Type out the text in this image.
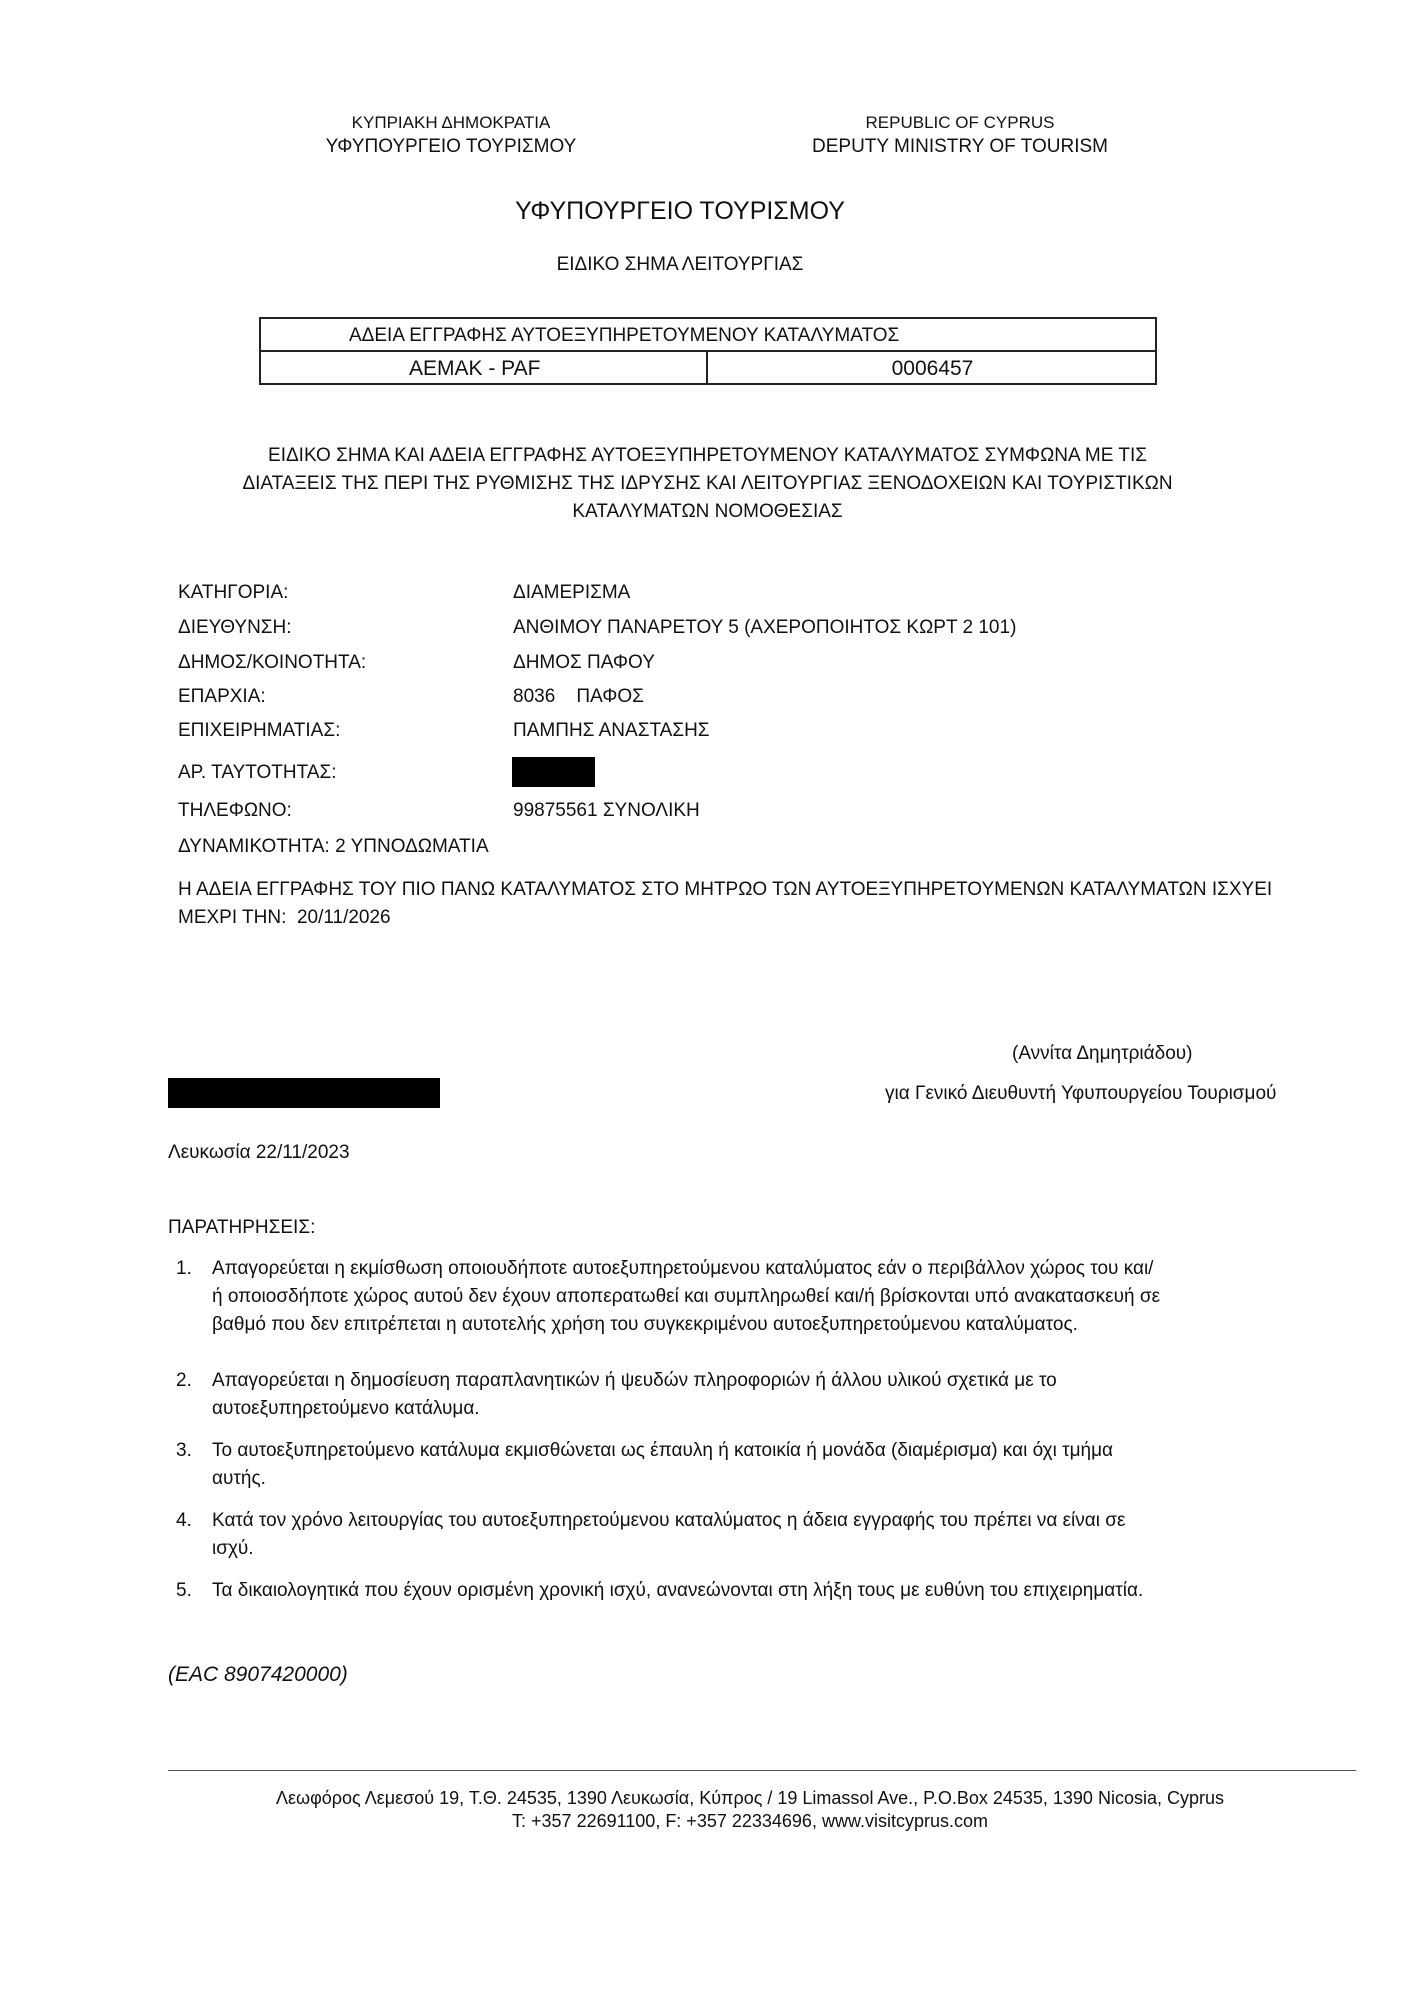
ΚΥΠΡΙΑΚΗ ΔΗΜΟΚΡΑΤΙΑ
ΥΦΥΠΟΥΡΓΕΙΟ ΤΟΥΡΙΣΜΟΥ
REPUBLIC OF CYPRUS
DEPUTY MINISTRY OF TOURISM
ΥΦΥΠΟΥΡΓΕΙΟ ΤΟΥΡΙΣΜΟΥ
ΕΙΔΙΚΟ ΣΗΜΑ ΛΕΙΤΟΥΡΓΙΑΣ
ΑΔΕΙΑ ΕΓΓΡΑΦΗΣ ΑΥΤΟΕΞΥΠΗΡΕΤΟΥΜΕΝΟΥ ΚΑΤΑΛΥΜΑΤΟΣ
AEMAK - PAF	0006457
ΕΙΔΙΚΟ ΣΗΜΑ ΚΑΙ ΑΔΕΙΑ ΕΓΓΡΑΦΗΣ ΑΥΤΟΕΞΥΠΗΡΕΤΟΥΜΕΝΟΥ ΚΑΤΑΛΥΜΑΤΟΣ ΣΥΜΦΩΝΑ ΜΕ ΤΙΣ
ΔΙΑΤΑΞΕΙΣ ΤΗΣ ΠΕΡΙ ΤΗΣ ΡΥΘΜΙΣΗΣ ΤΗΣ ΙΔΡΥΣΗΣ ΚΑΙ ΛΕΙΤΟΥΡΓΙΑΣ ΞΕΝΟΔΟΧΕΙΩΝ ΚΑΙ ΤΟΥΡΙΣΤΙΚΩΝ
ΚΑΤΑΛΥΜΑΤΩΝ ΝΟΜΟΘΕΣΙΑΣ
ΚΑΤΗΓΟΡΙΑ:	ΔΙΑΜΕΡΙΣΜΑ
ΔΙΕΥΘΥΝΣΗ:	ΑΝΘΙΜΟΥ ΠΑΝΑΡΕΤΟΥ 5 (ΑΧΕΡΟΠΟΙΗΤΟΣ ΚΩΡΤ 2 101)
ΔΗΜΟΣ/ΚΟΙΝΟΤΗΤΑ:	ΔΗΜΟΣ ΠΑΦΟΥ
ΕΠΑΡΧΙΑ:	8036    ΠΑΦΟΣ
ΕΠΙΧΕΙΡΗΜΑΤΙΑΣ:	ΠΑΜΠΗΣ ΑΝΑΣΤΑΣΗΣ
ΑΡ. ΤΑΥΤΟΤΗΤΑΣ:
ΤΗΛΕΦΩΝΟ:	99875561 ΣΥΝΟΛΙΚΗ
ΔΥΝΑΜΙΚΟΤΗΤΑ: 2 ΥΠΝΟΔΩΜΑΤΙΑ
Η ΑΔΕΙΑ ΕΓΓΡΑΦΗΣ ΤΟΥ ΠΙΟ ΠΑΝΩ ΚΑΤΑΛΥΜΑΤΟΣ ΣΤΟ ΜΗΤΡΩΟ ΤΩΝ ΑΥΤΟΕΞΥΠΗΡΕΤΟΥΜΕΝΩΝ ΚΑΤΑΛΥΜΑΤΩΝ ΙΣΧΥΕΙ
ΜΕΧΡΙ ΤΗΝ:  20/11/2026
(Αννίτα Δημητριάδου)
για Γενικό Διευθυντή Υφυπουργείου Τουρισμού
Λευκωσία 22/11/2023
ΠΑΡΑΤΗΡΗΣΕΙΣ:
1. Απαγορεύεται η εκμίσθωση οποιουδήποτε αυτοεξυπηρετούμενου καταλύματος εάν ο περιβάλλον χώρος του και/
ή οποιοσδήποτε χώρος αυτού δεν έχουν αποπερατωθεί και συμπληρωθεί και/ή βρίσκονται υπό ανακατασκευή σε
βαθμό που δεν επιτρέπεται η αυτοτελής χρήση του συγκεκριμένου αυτοεξυπηρετούμενου καταλύματος.
2. Απαγορεύεται η δημοσίευση παραπλανητικών ή ψευδών πληροφοριών ή άλλου υλικού σχετικά με το
αυτοεξυπηρετούμενο κατάλυμα.
3. Το αυτοεξυπηρετούμενο κατάλυμα εκμισθώνεται ως έπαυλη ή κατοικία ή μονάδα (διαμέρισμα) και όχι τμήμα
αυτής.
4. Κατά τον χρόνο λειτουργίας του αυτοεξυπηρετούμενου καταλύματος η άδεια εγγραφής του πρέπει να είναι σε
ισχύ.
5. Τα δικαιολογητικά που έχουν ορισμένη χρονική ισχύ, ανανεώνονται στη λήξη τους με ευθύνη του επιχειρηματία.
(EAC 8907420000)
Λεωφόρος Λεμεσού 19, Τ.Θ. 24535, 1390 Λευκωσία, Κύπρος / 19 Limassol Ave., P.O.Box 24535, 1390 Nicosia, Cyprus
T: +357 22691100, F: +357 22334696, www.visitcyprus.com
